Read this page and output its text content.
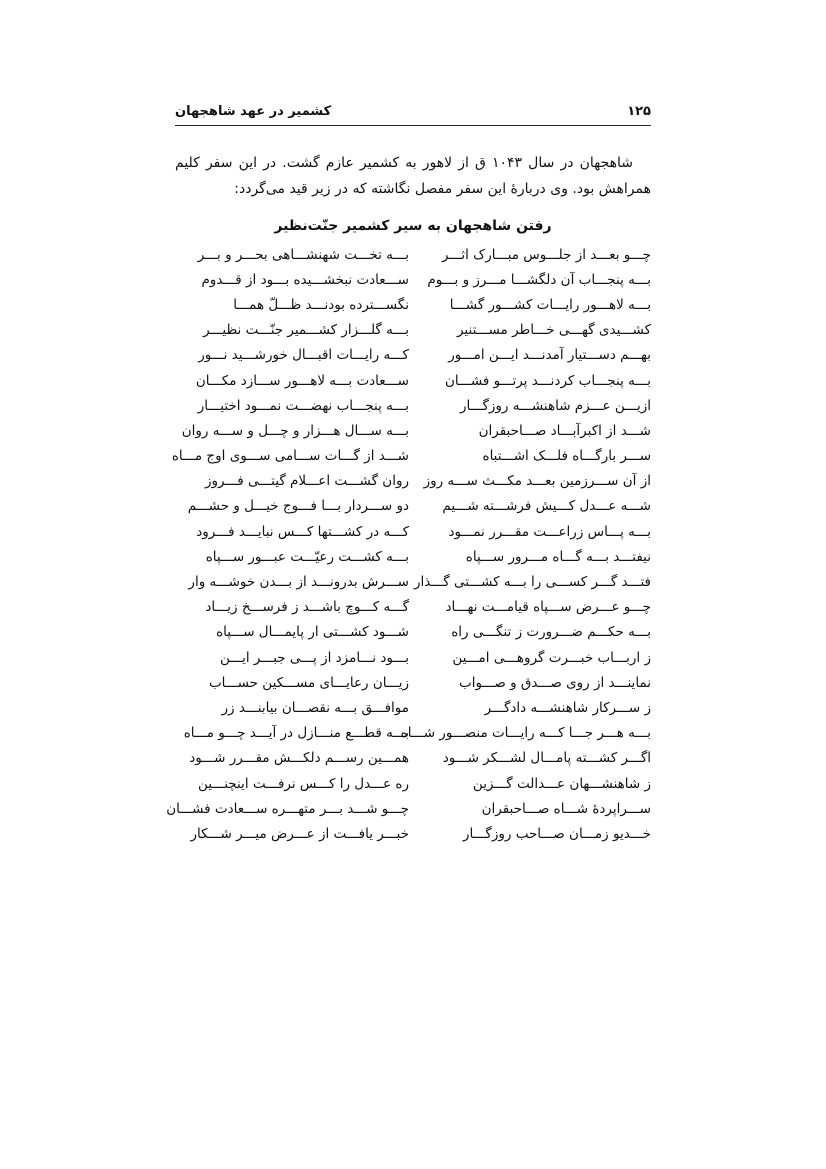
۱۲۵
کشمیر در عهد شاهجهان

شاهجهان در سال ۱۰۴۳ ق از لاهور به کشمیر عازم گشت. در این سفر کلیم همراهش بود. وی دربارهٔ این سفر مفصل نگاشته که در زیر قید می‌گردد:

رفتن شاهجهان به سیر کشمیر جنّت‌نظیر

چـــو بعـــد از جلـــوس مبـــارک اثـــر
بـــه تخـــت شهنشـــاهی بحـــر و بـــر
بـــه پنجـــاب آن دلگشـــا مـــرز و بـــوم
ســـعادت نبخشـــیده بـــود از قـــدوم
بـــه لاهـــور رایـــات کشـــور گشـــا
نگســـترده بودنـــد ظـــلّ همـــا
کشـــیدی گهـــی خـــاطر مســـتنیر
بـــه گلـــزار کشـــمیر جنّـــت نظیـــر
بهـــم دســـتیار آمدنـــد ایـــن امـــور
کـــه رایـــات اقبـــال خورشـــید نـــور
بـــه پنجـــاب کردنـــد پرتـــو فشـــان
ســـعادت بـــه لاهـــور ســـازد مکـــان
ازیـــن عـــزم شاهنشـــه روزگـــار
بـــه پنجـــاب نهضـــت نمـــود اختیـــار
شـــد از اکبرآبـــاد صـــاحبقران
بـــه ســـال هـــزار و چـــل و ســـه روان
ســـر بارگـــاه فلـــک اشـــتباه
شـــد از گـــات ســـامی ســـوی اوج مـــاه
از آن ســـرزمین بعـــد مکـــث ســـه روز
روان گشـــت اعـــلام گیتـــی فـــروز
شـــه عـــدل کـــیش فرشـــته شـــیم
دو ســـردار بـــا فـــوج خیـــل و حشـــم
بـــه پـــاس زراعـــت مقـــرر نمـــود
کـــه در کشـــتها کـــس نبایـــد فـــرود
نیفتـــد بـــه گـــاه مـــرور ســـپاه
بـــه کشـــت رعیّـــت عبـــور ســـپاه
فتـــد گـــر کســـی را بـــه کشـــتی گـــذار
ســـرش بدرونـــد از بـــدن خوشـــه وار
چـــو عـــرض ســـپاه قیامـــت نهـــاد
گـــه کـــوچ باشـــد ز فرســـخ زیـــاد
بـــه حکـــم ضـــرورت ز تنگـــی راه
شـــود کشـــتی ار پایمـــال ســـپاه
ز اربـــاب خبـــرت گروهـــی امـــین
بـــود نـــامزد از پـــی جبـــر ایـــن
نماینـــد از روی صـــدق و صـــواب
زیـــان رعایـــای مســـکین حســـاب
ز ســـرکار شاهنشـــه دادگـــر
موافـــق بـــه نقصـــان بیابنـــد زر
بـــه هـــر جـــا کـــه رایـــات منصـــور شـــاه
بـــه قطـــع منـــازل در آیـــد چـــو مـــاه
اگـــر کشـــته پامـــال لشـــکر شـــود
همـــین رســـم دلکـــش مقـــرر شـــود
ز شاهنشـــهان عـــدالت گـــزین
ره عـــدل را کـــس نرفـــت اینچنـــین
ســـراپردهٔ شـــاه صـــاحبقران
چـــو شـــد بـــر متهـــره ســـعادت فشـــان
خـــدیو زمـــان صـــاحب روزگـــار
خبـــر یافـــت از عـــرض میـــر شـــکار
